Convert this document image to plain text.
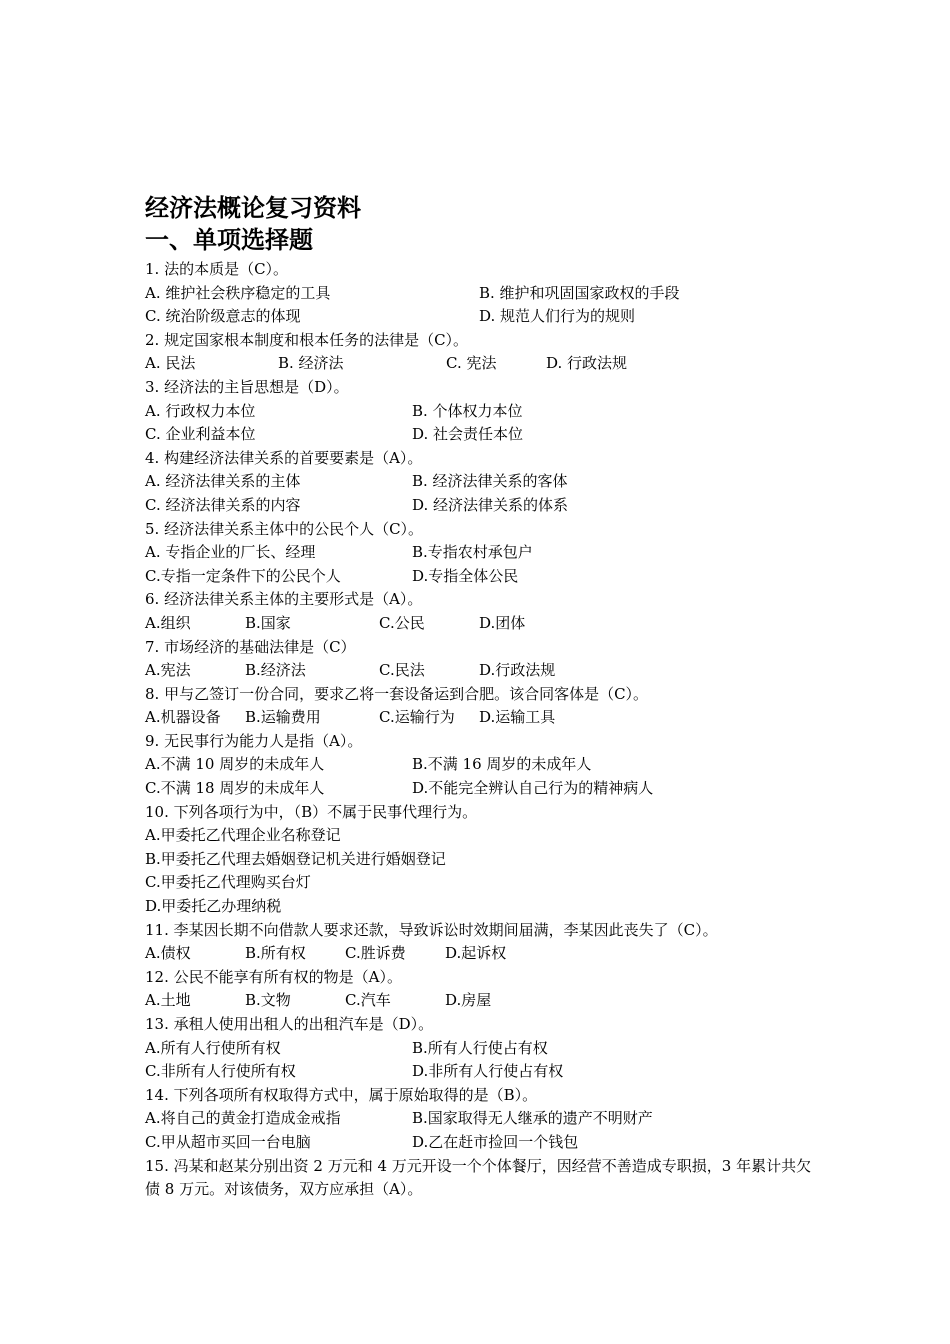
经济法概论复习资料
一、单项选择题
1. 法的本质是（C）。
A. 维护社会秩序稳定的工具	B. 维护和巩固国家政权的手段
C. 统治阶级意志的体现	D. 规范人们行为的规则
2. 规定国家根本制度和根本任务的法律是（C）。
A. 民法	B. 经济法	C. 宪法	D. 行政法规
3. 经济法的主旨思想是（D）。
A. 行政权力本位	B. 个体权力本位
C. 企业利益本位	D. 社会责任本位
4. 构建经济法律关系的首要要素是（A）。
A. 经济法律关系的主体	B. 经济法律关系的客体
C. 经济法律关系的内容	D. 经济法律关系的体系
5. 经济法律关系主体中的公民个人（C）。
A. 专指企业的厂长、经理	B.专指农村承包户
C.专指一定条件下的公民个人	D.专指全体公民
6. 经济法律关系主体的主要形式是（A）。
A.组织	B.国家	C.公民	D.团体
7. 市场经济的基础法律是（C）
A.宪法	B.经济法	C.民法	D.行政法规
8. 甲与乙签订一份合同，要求乙将一套设备运到合肥。该合同客体是（C）。
A.机器设备	B.运输费用	C.运输行为	D.运输工具
9. 无民事行为能力人是指（A）。
A.不满 10 周岁的未成年人	B.不满 16 周岁的未成年人
C.不满 18 周岁的未成年人	D.不能完全辨认自己行为的精神病人
10. 下列各项行为中，（B）不属于民事代理行为。
A.甲委托乙代理企业名称登记
B.甲委托乙代理去婚姻登记机关进行婚姻登记
C.甲委托乙代理购买台灯
D.甲委托乙办理纳税
11. 李某因长期不向借款人要求还款，导致诉讼时效期间届满，李某因此丧失了（C）。
A.债权	B.所有权	C.胜诉费	D.起诉权
12. 公民不能享有所有权的物是（A）。
A.土地	B.文物	C.汽车	D.房屋
13. 承租人使用出租人的出租汽车是（D）。
A.所有人行使所有权	B.所有人行使占有权
C.非所有人行使所有权	D.非所有人行使占有权
14. 下列各项所有权取得方式中，属于原始取得的是（B）。
A.将自己的黄金打造成金戒指	B.国家取得无人继承的遗产不明财产
C.甲从超市买回一台电脑	D.乙在赶市捡回一个钱包
15. 冯某和赵某分别出资 2 万元和 4 万元开设一个个体餐厅，因经营不善造成专职损，3 年累计共欠债 8 万元。对该债务，双方应承担（A）。
